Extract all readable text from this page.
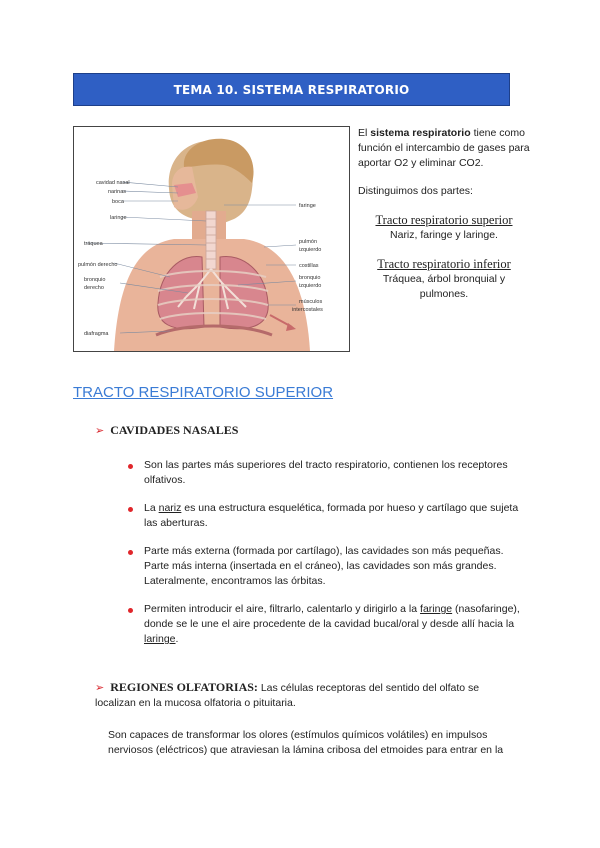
TEMA 10. SISTEMA RESPIRATORIO
cavidad nasal
narinas
boca
laringe
faringe
tráquea
pulmón derecho
bronquio
derecho
diafragma
pulmón
izquierdo
costillas
bronquio
izquierdo
músculos
intercostales

El sistema respiratorio tiene como función el intercambio de gases para aportar O2 y eliminar CO2.

Distinguimos dos partes:

Tracto respiratorio superior
Nariz, faringe y laringe.
Tracto respiratorio inferior
Tráquea, árbol bronquial y pulmones.
TRACTO RESPIRATORIO SUPERIOR
➢ CAVIDADES NASALES
Son las partes más superiores del tracto respiratorio, contienen los receptores olfativos.
La nariz es una estructura esquelética, formada por hueso y cartílago que sujeta las aberturas.
Parte más externa (formada por cartílago), las cavidades son más pequeñas. Parte más interna (insertada en el cráneo), las cavidades son más grandes. Lateralmente, encontramos las órbitas.
Permiten introducir el aire, filtrarlo, calentarlo y dirigirlo a la faringe (nasofaringe), donde se le une el aire procedente de la cavidad bucal/oral y desde allí hacia la laringe.

➢ REGIONES OLFATORIAS: Las células receptoras del sentido del olfato se localizan en la mucosa olfatoria o pituitaria.

Son capaces de transformar los olores (estímulos químicos volátiles) en impulsos nerviosos (eléctricos) que atraviesan la lámina cribosa del etmoides para entrar en la
